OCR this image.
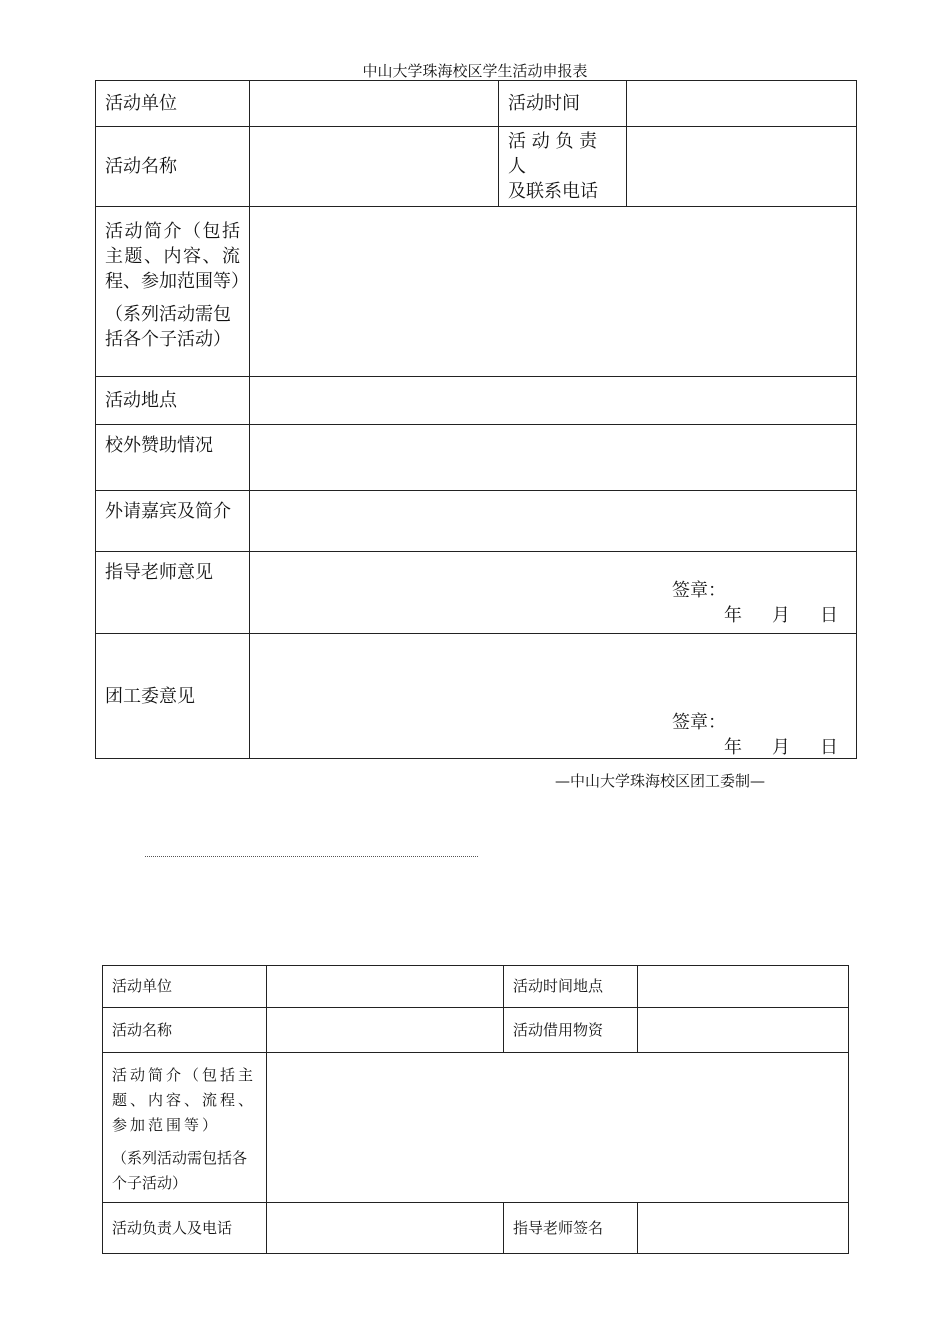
中山大学珠海校区学生活动申报表
活动单位		活动时间	
活动名称		活 动 负 责 人
及联系电话	

活动简介（包括主题、内容、流程、参加范围等）
（系列活动需包括各个子活动）			

活动地点			
校外赞助情况			
外请嘉宾及简介			
指导老师意见	签章：
年 月 日		

团工委意见	签章：
年 月 日		
—中山大学珠海校区团工委制—
活动单位		活动时间地点	
活动名称		活动借用物资	

活动简介（包括主题、内容、流程、参加范围等）
（系列活动需包括各个子活动）			

活动负责人及电话		指导老师签名	
